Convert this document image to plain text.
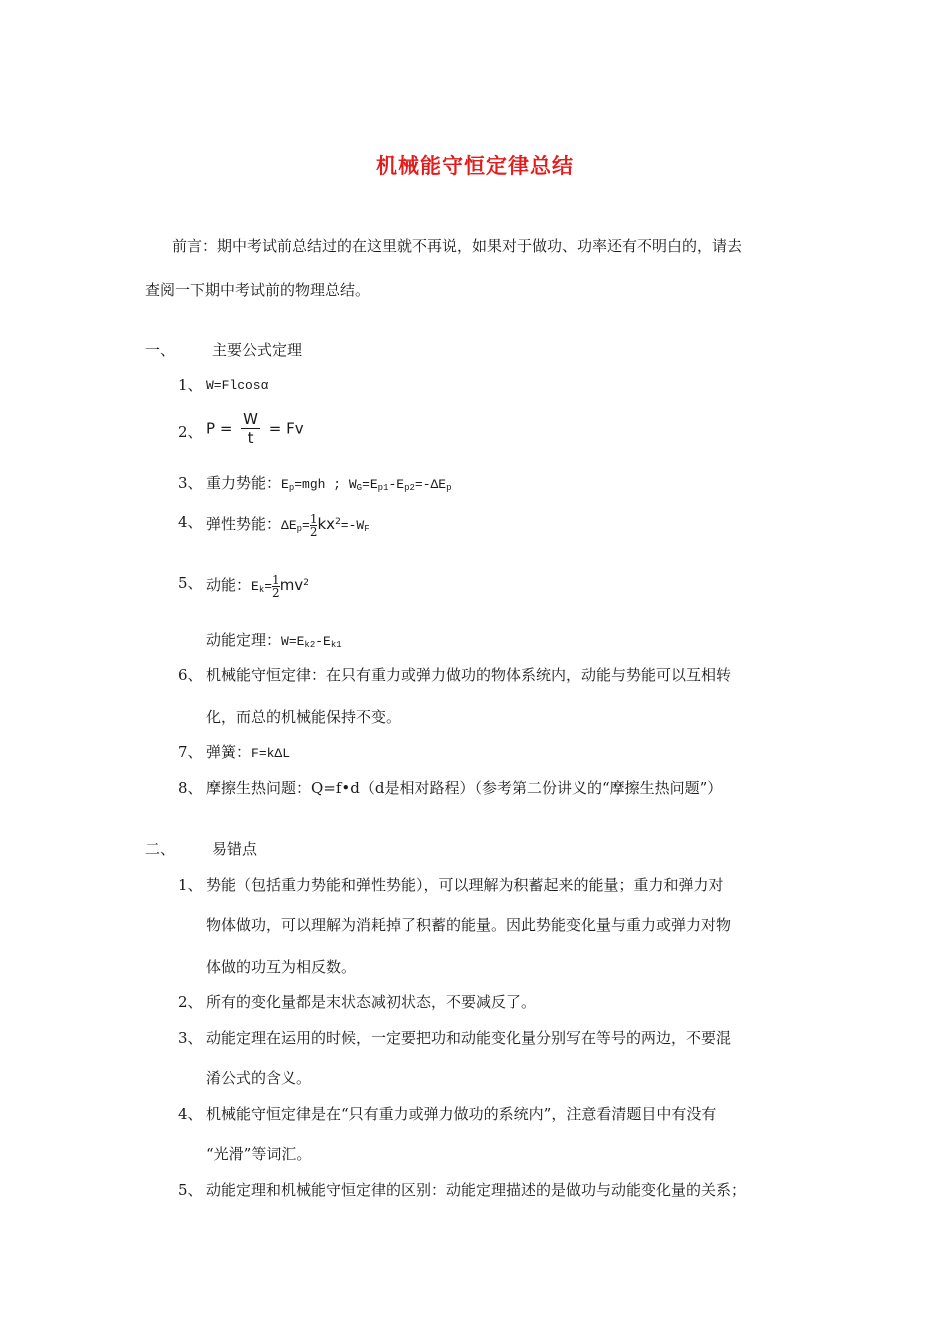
机械能守恒定律总结
前言：期中考试前总结过的在这里就不再说，如果对于做功、功率还有不明白的，请去
查阅一下期中考试前的物理总结。
一、 主要公式定理
1、 W=Flcosα
2、 $P = \frac{W}{t} = Fv$
3、 重力势能：$E_p=mgh$ ; $W_G=E_{p1}-E_{p2}=-\Delta E_p$
4、 弹性势能：$\Delta E_p= \frac{1}{2} kx^2=-W_F$
5、 动能：$E_k= \frac{1}{2} mv^2$
动能定理：$W=E_{k2}-E_{k1}$
6、 机械能守恒定律：在只有重力或弹力做功的物体系统内，动能与势能可以互相转
化，而总的机械能保持不变。
7、 弹簧：F=kΔL
8、 摩擦生热问题：Q=f•d（d是相对路程）（参考第二份讲义的“摩擦生热问题”）
二、 易错点
1、 势能（包括重力势能和弹性势能），可以理解为积蓄起来的能量；重力和弹力对
物体做功，可以理解为消耗掉了积蓄的能量。因此势能变化量与重力或弹力对物
体做的功互为相反数。
2、 所有的变化量都是末状态减初状态，不要减反了。
3、 动能定理在运用的时候，一定要把功和动能变化量分别写在等号的两边，不要混
淆公式的含义。
4、 机械能守恒定律是在“只有重力或弹力做功的系统内”，注意看清题目中有没有
“光滑”等词汇。
5、 动能定理和机械能守恒定律的区别：动能定理描述的是做功与动能变化量的关系；
